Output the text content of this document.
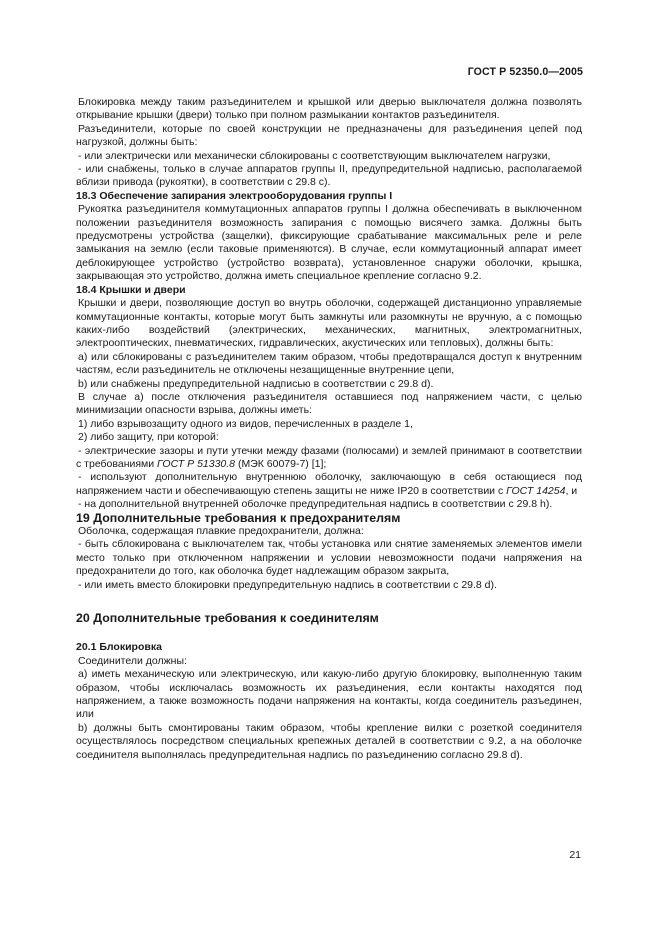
ГОСТ Р 52350.0—2005

Блокировка между таким разъединителем и крышкой или дверью выключателя должна позволять открывание крышки (двери) только при полном размыкании контактов разъединителя.

Разъединители, которые по своей конструкции не предназначены для разъединения цепей под нагрузкой, должны быть:

- или электрически или механически сблокированы с соответствующим выключателем нагрузки,

- или снабжены, только в случае аппаратов группы II, предупредительной надписью, располагаемой вблизи привода (рукоятки), в соответствии с 29.8 с).

18.3 Обеспечение запирания электрооборудования группы I

Рукоятка разъединителя коммутационных аппаратов группы I должна обеспечивать в выключенном положении разъединителя возможность запирания с помощью висячего замка. Должны быть предусмотрены устройства (защелки), фиксирующие срабатывание максимальных реле и реле замыкания на землю (если таковые применяются). В случае, если коммутационный аппарат имеет деблокирующее устройство (устройство возврата), установленное снаружи оболочки, крышка, закрывающая это устройство, должна иметь специальное крепление согласно 9.2.

18.4 Крышки и двери

Крышки и двери, позволяющие доступ во внутрь оболочки, содержащей дистанционно управляемые коммутационные контакты, которые могут быть замкнуты или разомкнуты не вручную, а с помощью каких-либо воздействий (электрических, механических, магнитных, электромагнитных, электрооптических, пневматических, гидравлических, акустических или тепловых), должны быть:

а) или сблокированы с разъединителем таким образом, чтобы предотвращался доступ к внутренним частям, если разъединитель не отключены незащищенные внутренние цепи,

b) или снабжены предупредительной надписью в соответствии с 29.8 d).

В случае а) после отключения разъединителя оставшиеся под напряжением части, с целью минимизации опасности взрыва, должны иметь:

1) либо взрывозащиту одного из видов, перечисленных в разделе 1,

2) либо защиту, при которой:

- электрические зазоры и пути утечки между фазами (полюсами) и землей принимают в соответствии с требованиями ГОСТ Р 51330.8 (МЭК 60079-7) [1];

- используют дополнительную внутреннюю оболочку, заключающую в себя остающиеся под напряжением части и обеспечивающую степень защиты не ниже IP20 в соответствии с ГОСТ 14254, и

- на дополнительной внутренней оболочке предупредительная надпись в соответствии с 29.8 h).

19 Дополнительные требования к предохранителям

Оболочка, содержащая плавкие предохранители, должна:

- быть сблокирована с выключателем так, чтобы установка или снятие заменяемых элементов имели место только при отключенном напряжении и условии невозможности подачи напряжения на предохранители до того, как оболочка будет надлежащим образом закрыта,

- или иметь вместо блокировки предупредительную надпись в соответствии с 29.8 d).

20 Дополнительные требования к соединителям

20.1 Блокировка

Соединители должны:

а) иметь механическую или электрическую, или какую-либо другую блокировку, выполненную таким образом, чтобы исключалась возможность их разъединения, если контакты находятся под напряжением, а также возможность подачи напряжения на контакты, когда соединитель разъединен, или

b) должны быть смонтированы таким образом, чтобы крепление вилки с розеткой соединителя осуществлялось посредством специальных крепежных деталей в соответствии с 9.2, а на оболочке соединителя выполнялась предупредительная надпись по разъединению согласно 29.8 d).

21
